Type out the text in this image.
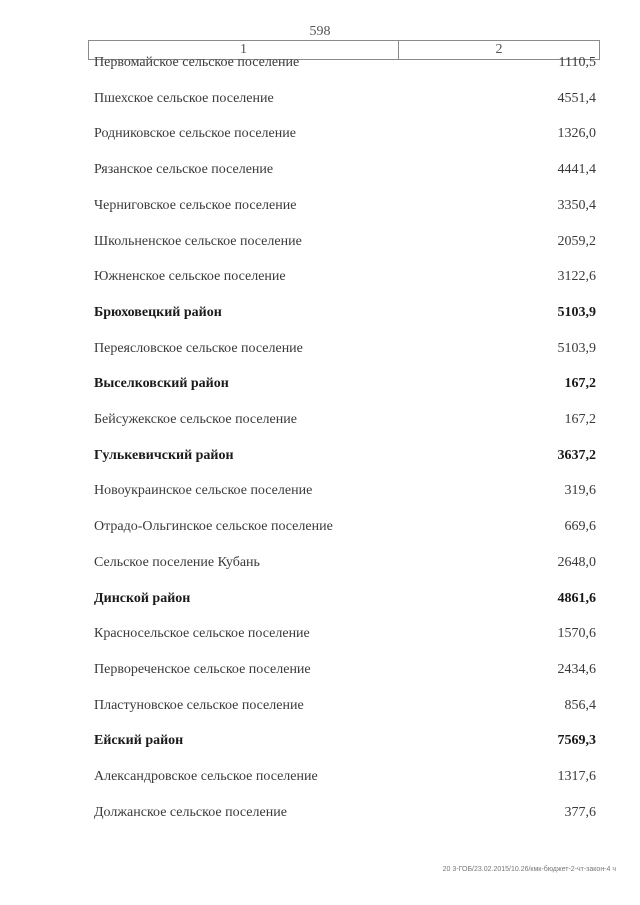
598
1	2
Первомайское сельское поселение	1110,5
Пшехское сельское поселение	4551,4
Родниковское сельское поселение	1326,0
Рязанское сельское поселение	4441,4
Черниговское сельское поселение	3350,4
Школьненское сельское поселение	2059,2
Южненское сельское поселение	3122,6
Брюховецкий район	5103,9
Переясловское сельское поселение	5103,9
Выселковский район	167,2
Бейсужекское сельское поселение	167,2
Гулькевичский район	3637,2
Новоукраинское сельское поселение	319,6
Отрадо-Ольгинское сельское поселение	669,6
Сельское поселение Кубань	2648,0
Динской район	4861,6
Красносельское сельское поселение	1570,6
Первореченское сельское поселение	2434,6
Пластуновское сельское поселение	856,4
Ейский район	7569,3
Александровское сельское поселение	1317,6
Должанское сельское поселение	377,6
20 3-ГОБ/23.02.2015/10.26/кмк-бюджет-2-чт-закон-4 ч
